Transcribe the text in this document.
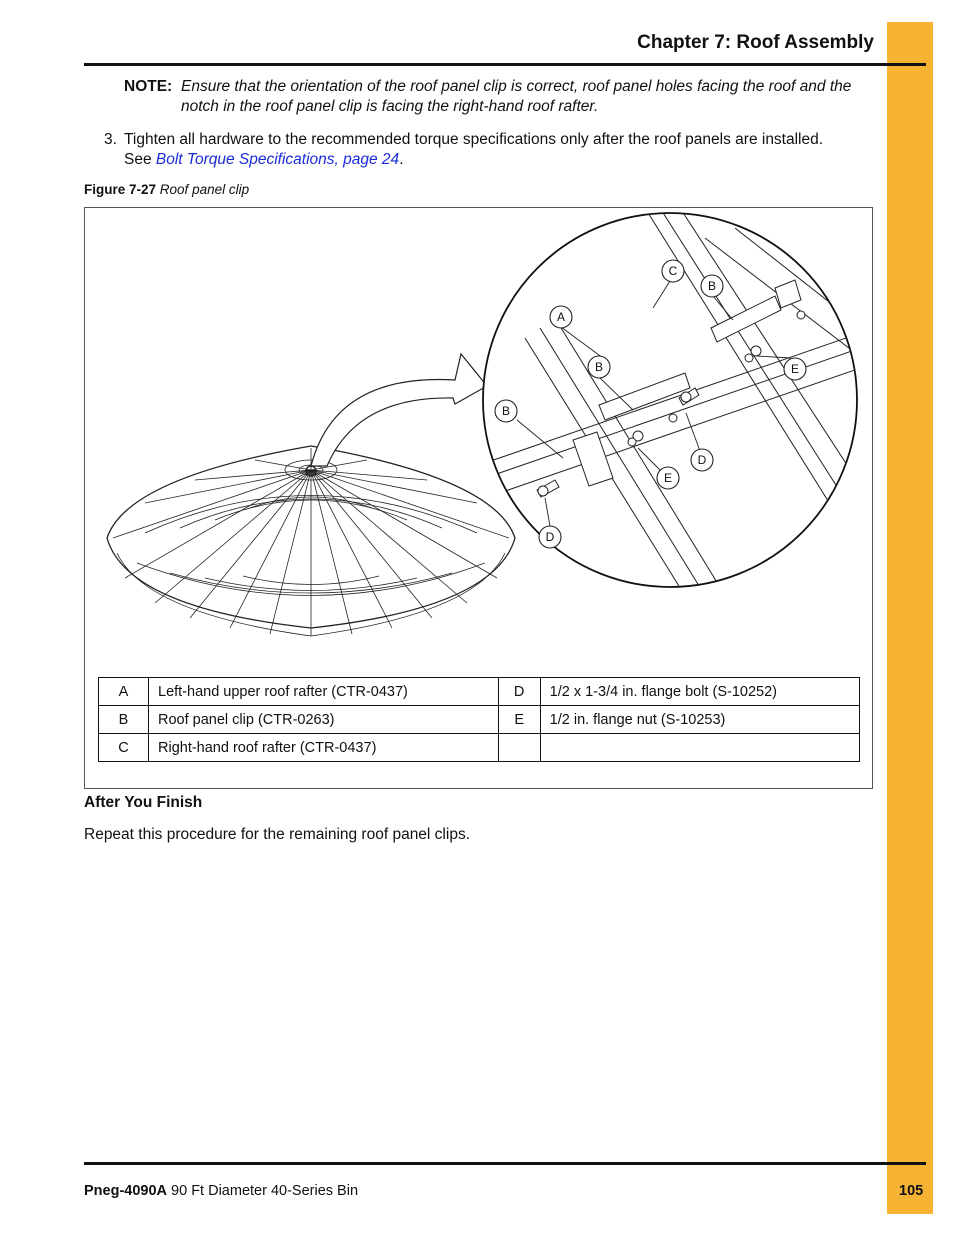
Chapter 7: Roof Assembly
NOTE: Ensure that the orientation of the roof panel clip is correct, roof panel holes facing the roof and the notch in the roof panel clip is facing the right-hand roof rafter.
3. Tighten all hardware to the recommended torque specifications only after the roof panels are installed. See Bolt Torque Specifications, page 24.
Figure 7-27 Roof panel clip
A
B
B
D
E
D
C
B
E
A	Left-hand upper roof rafter (CTR-0437)	D	1/2 x 1-3/4 in. flange bolt (S-10252)
B	Roof panel clip (CTR-0263)	E	1/2 in. flange nut (S-10253)
C	Right-hand roof rafter (CTR-0437)		
After You Finish
Repeat this procedure for the remaining roof panel clips.
Pneg-4090A 90 Ft Diameter 40-Series Bin	105
